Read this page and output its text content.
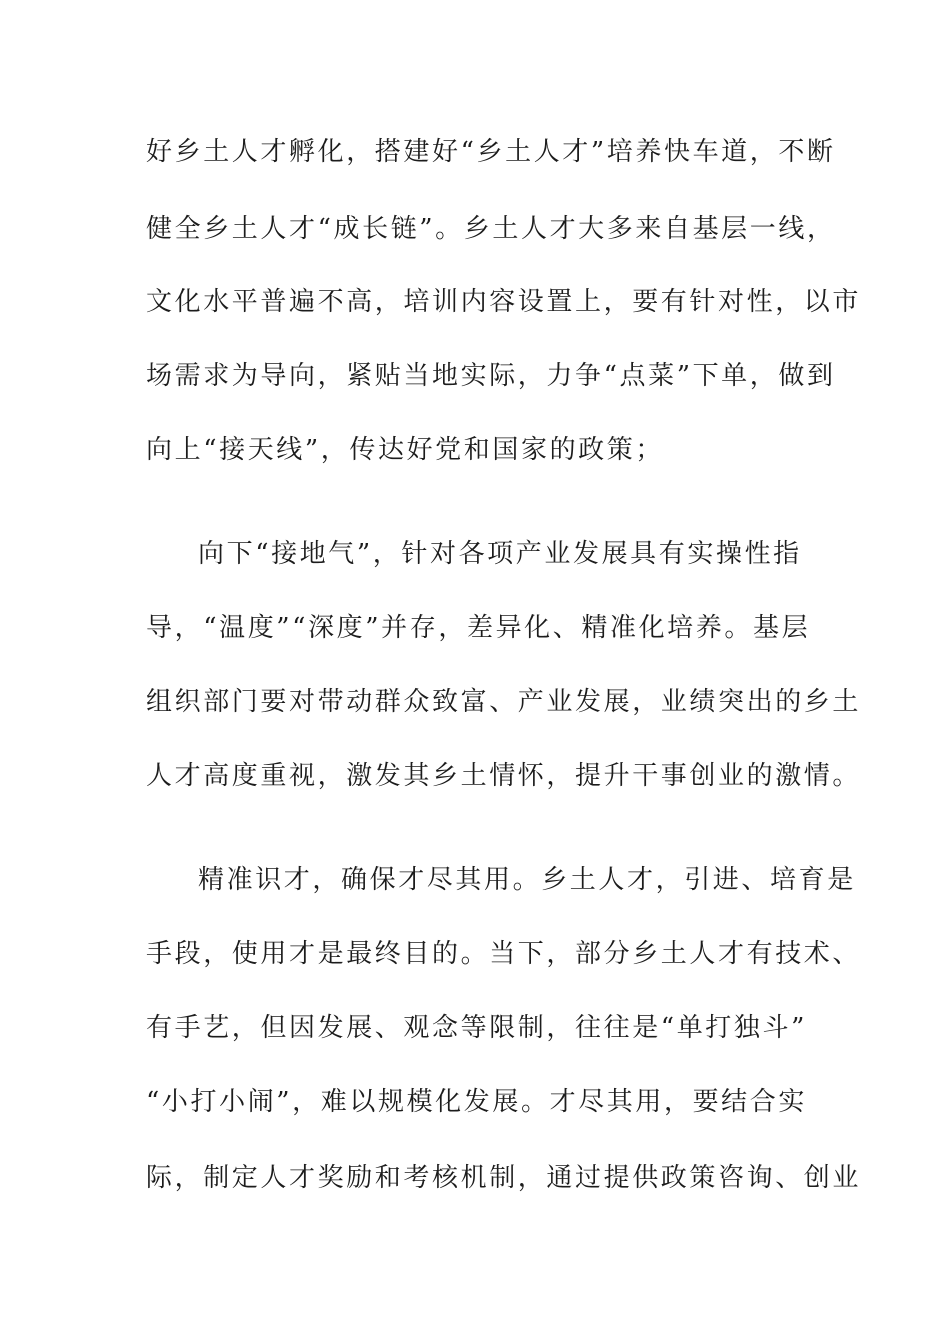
好乡土人才孵化，搭建好“乡土人才”培养快车道，不断
健全乡土人才“成长链”。乡土人才大多来自基层一线，
文化水平普遍不高，培训内容设置上，要有针对性，以市
场需求为导向，紧贴当地实际，力争“点菜”下单，做到
向上“接天线”，传达好党和国家的政策；
向下“接地气”，针对各项产业发展具有实操性指
导，“温度”“深度”并存，差异化、精准化培养。基层
组织部门要对带动群众致富、产业发展，业绩突出的乡土
人才高度重视，激发其乡土情怀，提升干事创业的激情。
精准识才，确保才尽其用。乡土人才，引进、培育是
手段，使用才是最终目的。当下，部分乡土人才有技术、
有手艺，但因发展、观念等限制，往往是“单打独斗”
“小打小闹”，难以规模化发展。才尽其用，要结合实
际，制定人才奖励和考核机制，通过提供政策咨询、创业
